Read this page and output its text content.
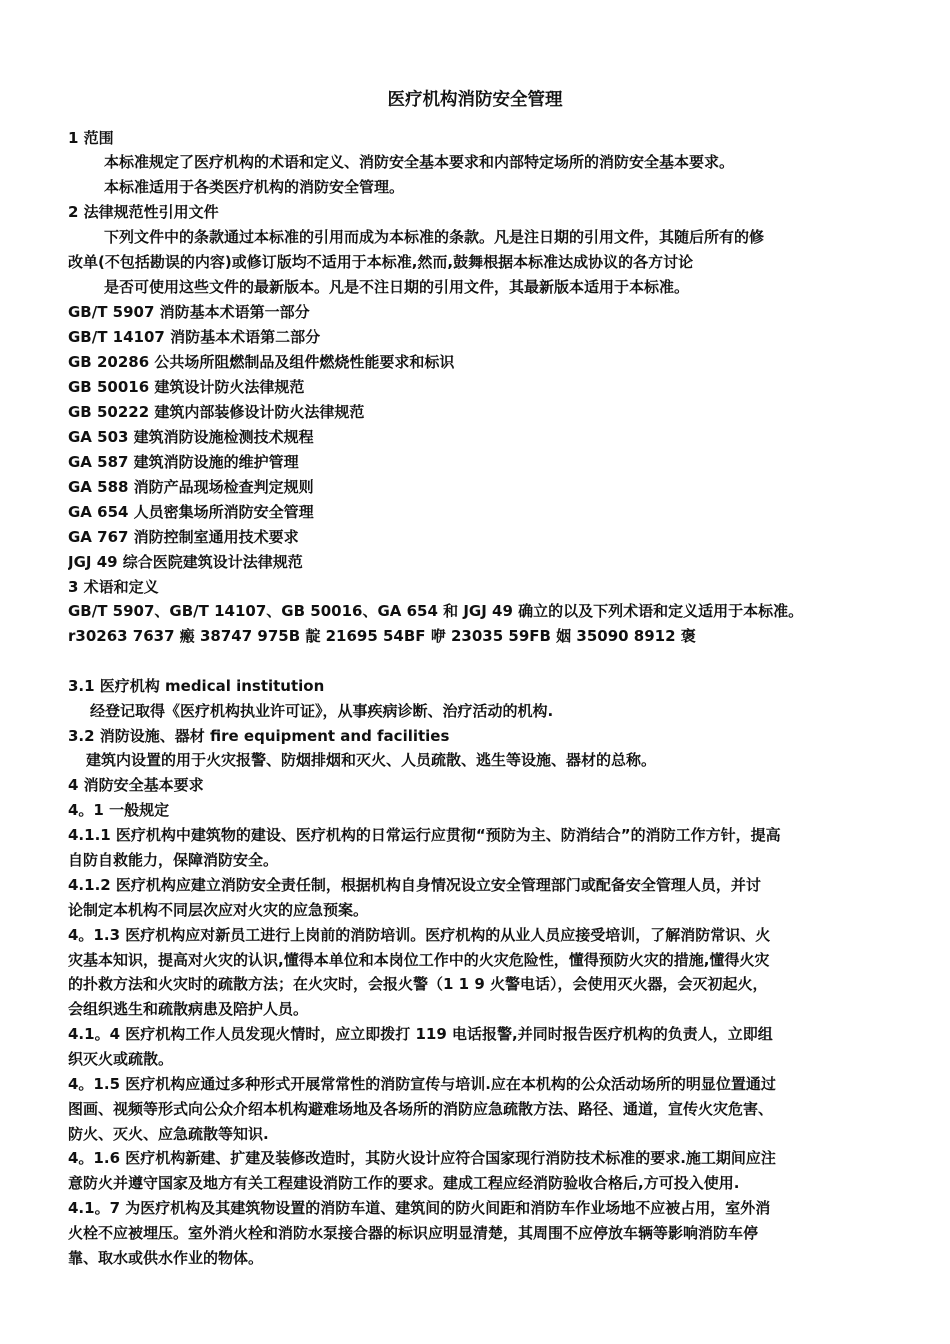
医疗机构消防安全管理
1 范围
本标准规定了医疗机构的术语和定义、消防安全基本要求和内部特定场所的消防安全基本要求。
本标准适用于各类医疗机构的消防安全管理。
2 法律规范性引用文件
下列文件中的条款通过本标准的引用而成为本标准的条款。凡是注日期的引用文件，其随后所有的修
改单(不包括勘误的内容)或修订版均不适用于本标准,然而,鼓舞根据本标准达成协议的各方讨论
是否可使用这些文件的最新版本。凡是不注日期的引用文件，其最新版本适用于本标准。
GB/T 5907 消防基本术语第一部分
GB/T 14107 消防基本术语第二部分
GB 20286 公共场所阻燃制品及组件燃烧性能要求和标识
GB 50016 建筑设计防火法律规范
GB 50222 建筑内部装修设计防火法律规范
GA 503 建筑消防设施检测技术规程
GA 587 建筑消防设施的维护管理
GA 588 消防产品现场检查判定规则
GA 654 人员密集场所消防安全管理
GA 767 消防控制室通用技术要求
JGJ 49 综合医院建筑设计法律规范
3 术语和定义
GB/T 5907、GB/T 14107、GB 50016、GA 654 和 JGJ 49 确立的以及下列术语和定义适用于本标准。
r30263 7637 瘢 38747 975B 靛 21695 54BF 咿 23035 59FB 姻 35090 8912 褒
3.1 医疗机构 medical institution
经登记取得《医疗机构执业许可证》，从事疾病诊断、治疗活动的机构.
3.2 消防设施、器材 fire equipment and facilities
建筑内设置的用于火灾报警、防烟排烟和灭火、人员疏散、逃生等设施、器材的总称。
4 消防安全基本要求
4。1 一般规定
4.1.1 医疗机构中建筑物的建设、医疗机构的日常运行应贯彻“预防为主、防消结合”的消防工作方针，提高
自防自救能力，保障消防安全。
4.1.2 医疗机构应建立消防安全责任制，根据机构自身情况设立安全管理部门或配备安全管理人员，并讨
论制定本机构不同层次应对火灾的应急预案。
4。1.3 医疗机构应对新员工进行上岗前的消防培训。医疗机构的从业人员应接受培训，了解消防常识、火
灾基本知识，提高对火灾的认识,懂得本单位和本岗位工作中的火灾危险性，懂得预防火灾的措施,懂得火灾
的扑救方法和火灾时的疏散方法；在火灾时，会报火警（1 1 9 火警电话），会使用灭火器，会灭初起火，
会组织逃生和疏散病患及陪护人员。
4.1。4 医疗机构工作人员发现火情时，应立即拨打 119 电话报警,并同时报告医疗机构的负责人，立即组
织灭火或疏散。
4。1.5 医疗机构应通过多种形式开展常常性的消防宣传与培训.应在本机构的公众活动场所的明显位置通过
图画、视频等形式向公众介绍本机构避难场地及各场所的消防应急疏散方法、路径、通道，宣传火灾危害、
防火、灭火、应急疏散等知识.
4。1.6 医疗机构新建、扩建及装修改造时，其防火设计应符合国家现行消防技术标准的要求.施工期间应注
意防火并遵守国家及地方有关工程建设消防工作的要求。建成工程应经消防验收合格后,方可投入使用.
4.1。7 为医疗机构及其建筑物设置的消防车道、建筑间的防火间距和消防车作业场地不应被占用，室外消
火栓不应被埋压。室外消火栓和消防水泵接合器的标识应明显清楚，其周围不应停放车辆等影响消防车停
靠、取水或供水作业的物体。
